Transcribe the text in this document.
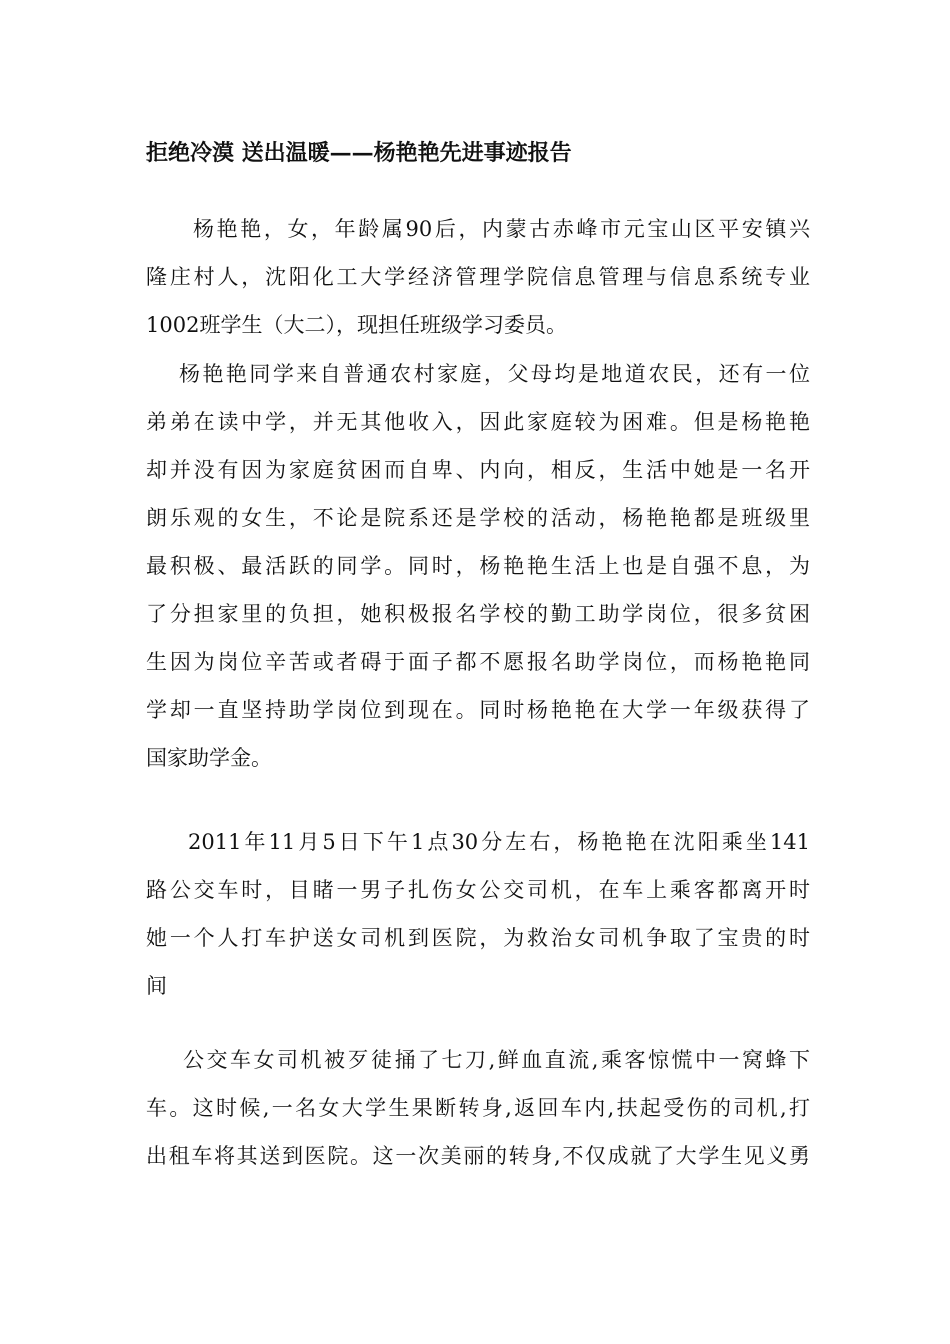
拒绝冷漠 送出温暖——杨艳艳先进事迹报告
杨艳艳，女，年龄属90后，内蒙古赤峰市元宝山区平安镇兴
隆庄村人，沈阳化工大学经济管理学院信息管理与信息系统专业
1002班学生（大二），现担任班级学习委员。
杨艳艳同学来自普通农村家庭，父母均是地道农民，还有一位
弟弟在读中学，并无其他收入，因此家庭较为困难。但是杨艳艳
却并没有因为家庭贫困而自卑、内向，相反，生活中她是一名开
朗乐观的女生，不论是院系还是学校的活动，杨艳艳都是班级里
最积极、最活跃的同学。同时，杨艳艳生活上也是自强不息，为
了分担家里的负担，她积极报名学校的勤工助学岗位，很多贫困
生因为岗位辛苦或者碍于面子都不愿报名助学岗位，而杨艳艳同
学却一直坚持助学岗位到现在。同时杨艳艳在大学一年级获得了
国家助学金。
2011年11月5日下午1点30分左右，杨艳艳在沈阳乘坐141
路公交车时，目睹一男子扎伤女公交司机，在车上乘客都离开时
她一个人打车护送女司机到医院，为救治女司机争取了宝贵的时
间
公交车女司机被歹徒捅了七刀,鲜血直流,乘客惊慌中一窝蜂下
车。这时候,一名女大学生果断转身,返回车内,扶起受伤的司机,打
出租车将其送到医院。这一次美丽的转身,不仅成就了大学生见义勇
